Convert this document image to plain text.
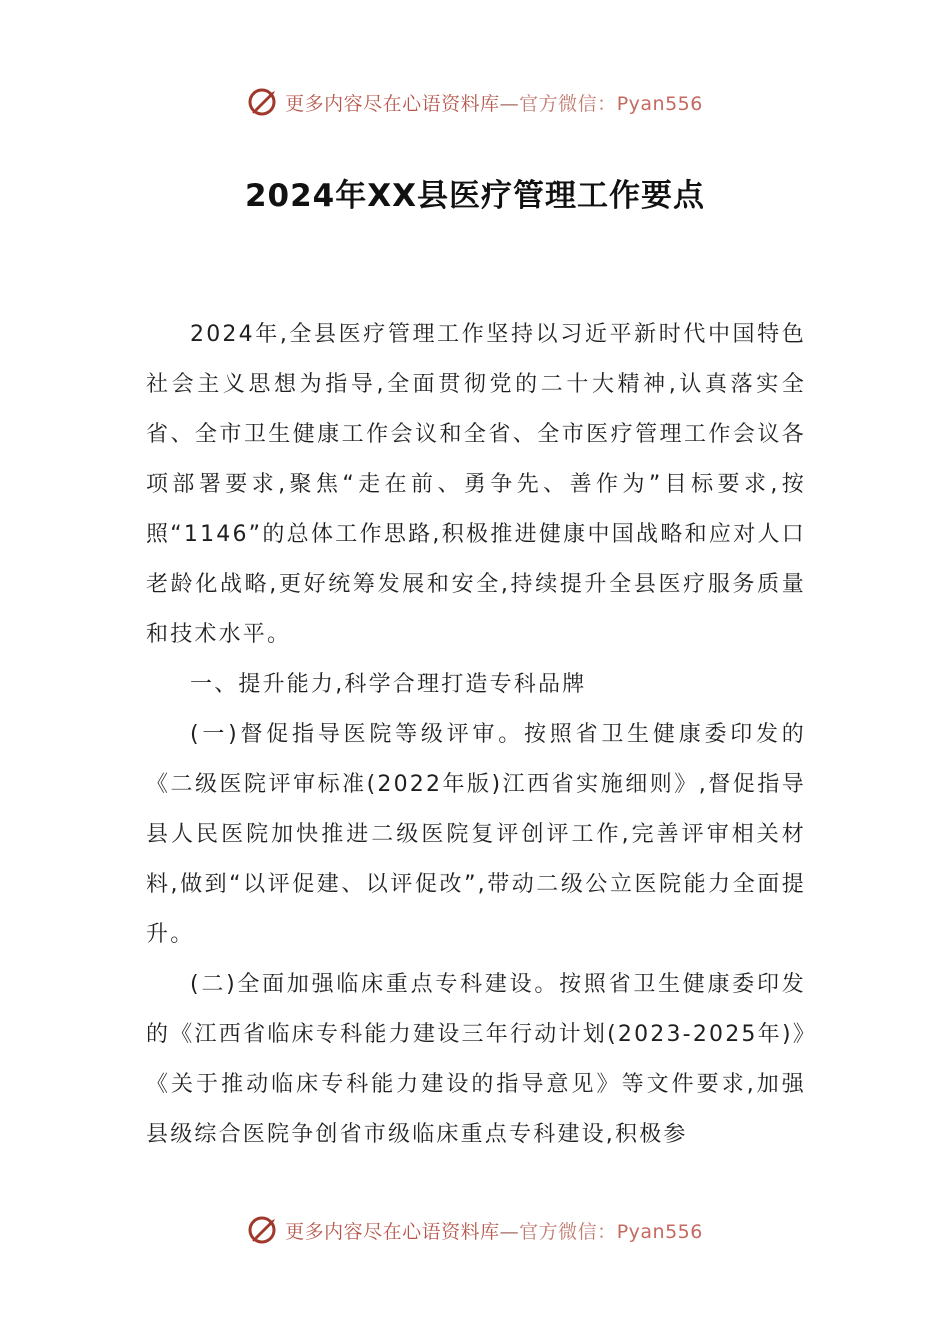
更多内容尽在心语资料库—官方微信：Pyan556
2024年XX县医疗管理工作要点

2024年,全县医疗管理工作坚持以习近平新时代中国特色社会主义思想为指导,全面贯彻党的二十大精神,认真落实全省、全市卫生健康工作会议和全省、全市医疗管理工作会议各项部署要求,聚焦“走在前、勇争先、善作为”目标要求,按照“1146”的总体工作思路,积极推进健康中国战略和应对人口老龄化战略,更好统筹发展和安全,持续提升全县医疗服务质量和技术水平。

一、提升能力,科学合理打造专科品牌

(一)督促指导医院等级评审。按照省卫生健康委印发的《二级医院评审标准(2022年版)江西省实施细则》,督促指导县人民医院加快推进二级医院复评创评工作,完善评审相关材料,做到“以评促建、以评促改”,带动二级公立医院能力全面提升。

(二)全面加强临床重点专科建设。按照省卫生健康委印发的《江西省临床专科能力建设三年行动计划(2023-2025年)》《关于推动临床专科能力建设的指导意见》等文件要求,加强县级综合医院争创省市级临床重点专科建设,积极参

更多内容尽在心语资料库—官方微信：Pyan556
